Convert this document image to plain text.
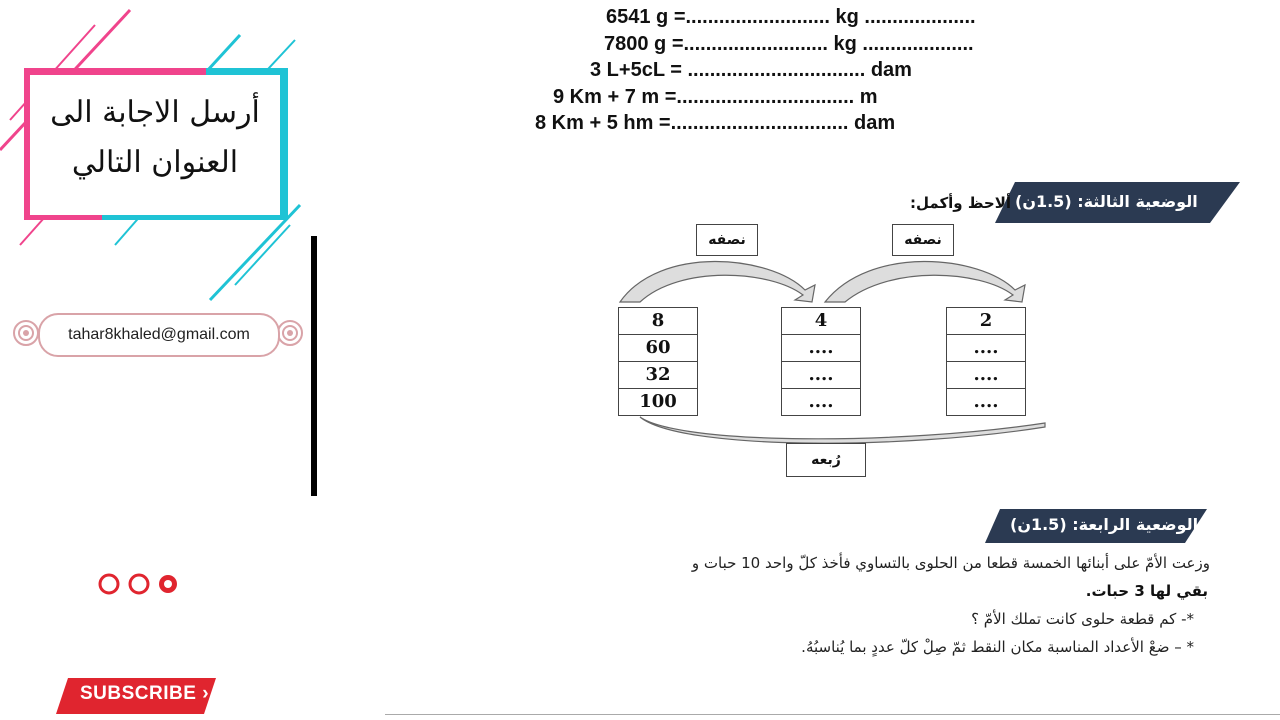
أرسل الاجابة الى
العنوان التالي
tahar8khaled@gmail.com
SUBSCRIBE ›
6541 g =.......................... kg ....................
7800 g =.......................... kg ....................
3 L+5cL = ................................ dam
9 Km + 7 m =................................ m
8 Km + 5 hm =................................ dam
الوضعية الثالثة: (1.5ن)
ألاحظ وأكمل:
نصفه	نصفه
رُبعه
8
60
32
100
4
....
....
....
2
....
....
....
الوضعية الرابعة: (1.5ن)
وزعت الأمّ على أبنائها الخمسة قطعا من الحلوى بالتساوي فأخذ كلّ واحد 10 حبات و
بقي لها 3 حبات.
*- كم قطعة حلوى كانت تملك الأمّ ؟
* – ضعْ الأعداد المناسبة مكان النقط ثمّ صِلْ كلّ عددٍ بما يُناسبُهُ.
